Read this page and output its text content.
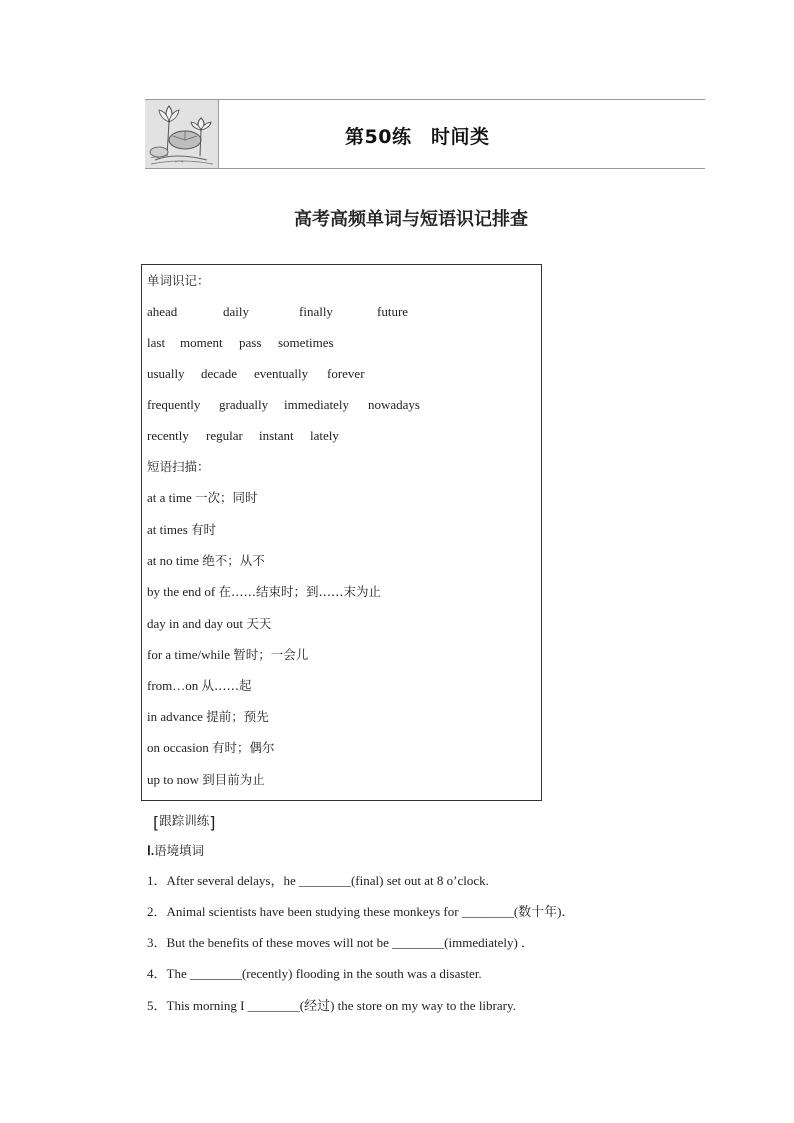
第50练　时间类
高考高频单词与短语识记排查
单词识记：
ahead	daily	finally	future
last moment pass sometimes
usually decade eventually forever
frequently gradually immediately nowadays
recently regular instant lately
短语扫描：
at a time 一次；同时
at times 有时
at no time 绝不；从不
by the end of 在……结束时；到……末为止
day in and day out 天天
for a time/while 暂时；一会儿
from…on 从……起
in advance 提前；预先
on occasion 有时；偶尔
up to now 到目前为止
[跟踪训练]
Ⅰ.语境填词
1．After several delays，he ________(final) set out at 8 o’clock.
2．Animal scientists have been studying these monkeys for ________(数十年)．
3．But the benefits of these moves will not be ________(immediately) ．
4．The ________(recently) flooding in the south was a disaster.
5．This morning I ________(经过) the store on my way to the library.
